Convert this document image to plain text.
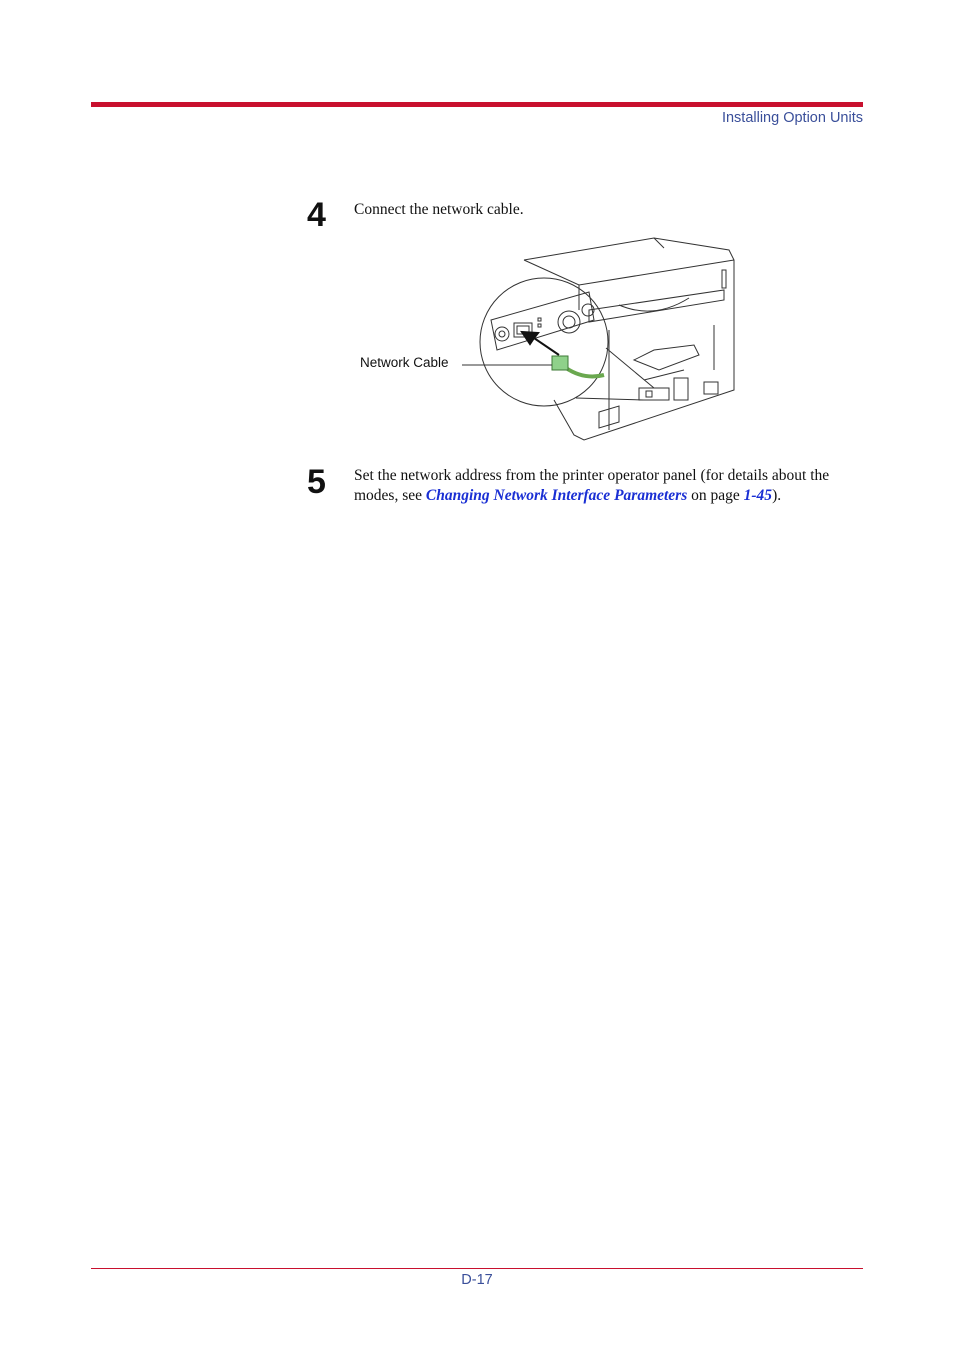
Installing Option Units
4 Connect the network cable.
Network Cable
5 Set the network address from the printer operator panel (for details about the modes, see Changing Network Interface Parameters on page 1-45).
D-17
